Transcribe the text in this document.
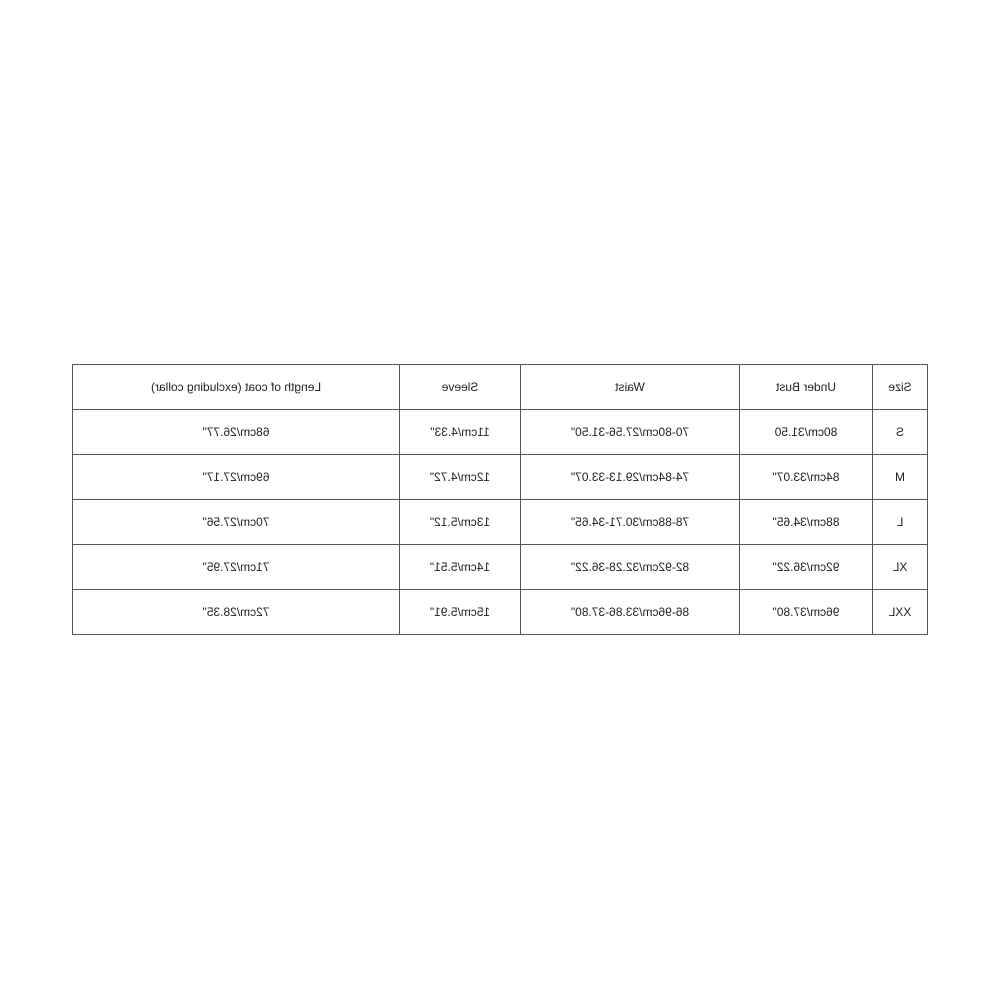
Size	Under Bust	Waist	Sleeve	Length of coat (excluding collar)
S	80cm/31.50	70-80cm/27.56-31.50"	11cm/4.33"	68cm/26.77"
M	84cm/33.07"	74-84cm/29.13-33.07"	12cm/4.72"	69cm/27.17"
L	88cm/34.65"	78-88cm/30.71-34.65"	13cm/5.12"	70cm/27.56"
XL	92cm/36.22"	82-92cm/32.28-36.22"	14cm/5.51"	71cm/27.95"
XXL	96cm/37.80"	86-96cm/33.86-37.80"	15cm/5.91"	72cm/28.35"
